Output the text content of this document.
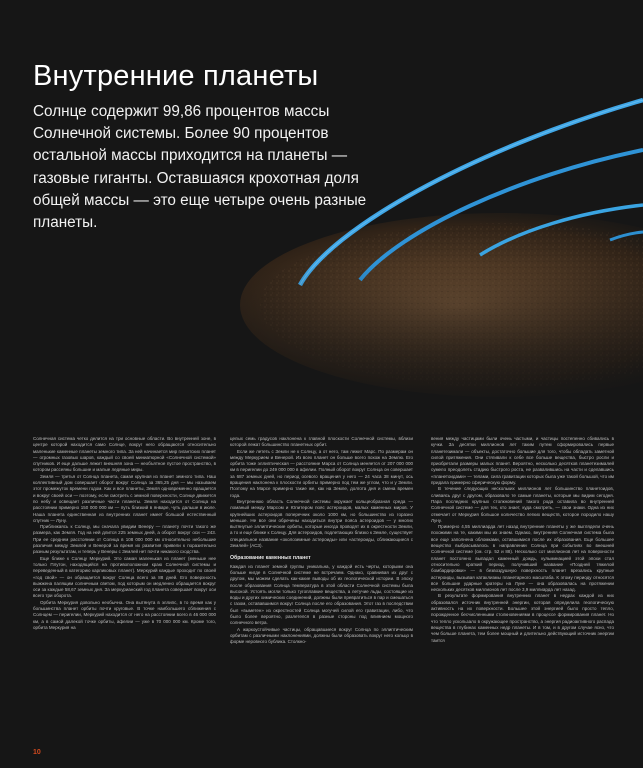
Внутренние планеты
Солнце содержит 99,86 процентов массы Солнечной системы. Более 90 процентов остальной массы приходится на планеты — газовые гиганты. Оставшаяся крохотная доля общей массы — это еще четыре очень разные планеты.

Солнечная система четко делится на три основные области. Во внутренней зоне, в центре которой находится само Солнце, вокруг него обращаются относительно маленькие каменные планеты земного типа. За ней начинается мир гигантских планет — огромных газовых шаров, каждый со своей миниатюрной «Солнечной системой» спутников. И еще дальше лежит внешняя зона — необъятное пустое пространство, в котором рассеяны большие и малые ледяные миры.

Земля — третья от Солнца планета, самая крупная из планет земного типа. Наш коллективный дом совершает оборот вокруг Солнца за 365,25 дня — мы называем этот промежуток времени годом. Как и все планеты, Земля одновременно вращается и вокруг своей оси — поэтому, если смотреть с земной поверхности, Солнце движется по небу и освещает различные части планеты. Земля находится от Солнца на расстоянии примерно 150 000 000 км — путь близкий в январе, чуть дальше в июле. Наша планета единственная из внутренних планет имеет большой естественный спутник — Луну.

Приближаясь к Солнцу, мы сначала увидим Венеру — планету почти такого же размера, как Земля. Год на ней длится 225 земных дней, а оборот вокруг оси — 243. При ее среднем расстоянии от Солнца в 108 000 000 км относительно небольшие различия между Землей и Венерой за время их развития привели к поразительно разным результатам, и теперь у Венеры с Землей нет почти никакого сходства.

Еще ближе к Солнцу Меркурий. Это самая маленькая из планет (меньше нее только Плутон, находящийся на противоположном краю Солнечной системы и переведенный в категорию карликовых планет). Меркурий каждые проходит по своей «год свой» — он обращается вокруг Солнца всего за 88 дней. Его поверхность выжжена палящим солнечным светом, под которым он медленно обращается вокруг оси за каждые 58,67 земных дня. За меркурианский год планета совершает вокруг оси всего три оборота.

Орбита Меркурия довольно необычна. Она вытянута в эллипс, в то время как у большинства планет орбиты почти круговые. В точке наибольшего сближения с Солнцем — перигелии, Меркурий находится от него на расстоянии всего в 46 000 000 км, а в самой далекой точке орбиты, афелии — уже в 70 000 000 км. Кроме того, орбита Меркурия на

целых семь градусов наклонена к главной плоскости Солнечной системы, вблизи которой лежат большинство планетных орбит.

Если же лететь с Земли не к Солнцу, а от него, там лежит Марс. По размерам он между Меркурием и Венерой. Из всех планет он больше всего похож на Землю. Его орбита тоже эллиптическая — расстояние Марса от Солнца меняется от 207 000 000 км в перигелии до 249 000 000 в афелии. Полный оборот вокруг Солнца он совершает за 687 земных дней, но период осевого вращения у него — 24 часа 38 минут, ось вращения наклонена к плоскости орбиты примерно под тем же углом, что и у Земли. Поэтому на Марсе примерно такие же, как на Земле, долгота дня и смена времен года.

Внутреннюю область Солнечной системы окружает кольцеобразная среда — ломаный между Марсом и Юпитером пояс астероидов, малых каменных миров. У крупнейших астероидов поперечник около 1000 км, но большинство из горазно меньше. Не все они обречены находиться внутри пояса астероидов — у многих вытянутые эллиптические орбиты, которые иногда проводят их в окрестности Земли, а то и еще ближе к Солнцу. Для астероидов, подлетающих близко к Земле, существует специальное название «околоземные астероиды» или «астероиды, сближающиеся с Землей» (АСЗ).

Образование каменных планет

Каждая из планет земной группы уникальна, у каждой есть черты, которыми она больше нигде в Солнечной системе не встречаем. Однако, сравнивая их друг с другом, мы можем сделать как-какие выводы об их геологической истории. В эпоху после образования Солнца температура в этой области Солнечной системы была высокой. Устоять могли только тугоплавкие вещества, а летучие льды, состоящие из воды и других химических соединений, должны были превратиться в пар и смешаться с газом, остававшимся вокруг Солнца после его образования. Этот газ в последствии был «выметен» из окрестностей Солнца могучей силой его гравитации, либо, что было более вероятно, разлетелся в разные стороны под влиянием мощного солнечного ветра.

А жаркоустойчивые частицы, обращавшиеся вокруг Солнца по эллиптическим орбитам с различными наклонениями, должны были образовать вокруг него кольцо в форме неровного бублика. Столкно-

вения между частицами были очень частыми, и частицы постепенно сбивались в кучки. За десятки миллионов лет таким путем сформировались первые планетезимали — объекты, достаточно большие для того, чтобы обладать заметной силой притяжения. Они стягивали к себе все больше вещества, быстро росли и приобретали размеры малых планет. Вероятно, несколько десятков планетезималей сумело преодолеть стадию быстрого роста, не развалившись на части и сделавшись «планетоидами» — телами, сила гравитации которых была уже такой большой, что им придала примерно сферическую форму.

В течение следующих нескольких миллионов лет большинство планетоидов, сливаясь друг с другом, образовало те самые планеты, которые мы видим сегодня. Пара последних крупных столкновений такого рода оставила во внутренней Солнечной системе — для тех, кто знает, куда смотреть, — свои знаки. Одна из них отмечает от Меркурия большое количество легких веществ, которое породило нашу Луну.

Примерно 4,55 миллиарда лет назад внутренние планеты у же выглядели очень похожими на те, какими мы их знаем. Однако, внутренняя Солнечная система была все еще заполнена обломками, оставшимися после их образования. Еще большее вещество выбрасывалось в направлении Солнца при событиях во внешней Солнечной системе (см. стр. 52 и 88). Несколько сот миллионов лет на поверхности планет постоянно выпадал каменный дождь, кульминацией этой эпохи стал относительно краткий период, получивший название «Поздней тяжелой бомбардировки» — в безвоздушную поверхность планет врезались крупные астероиды, вызывая катаклизмы планетарного масштаба. К этому периоду относятся все большие ударные кратеры на Луне — она образовалась на протяжении нескольких десятков миллионов лет после 3,9 миллиарда лет назад.

В результате формирования внутренних планет в недрах каждой из них образовался источник внутренней энергии, которая определила геологическую активность на их поверхности. Большее этой энергией было просто тепло, порожденное бесчисленными столкновениями в процессе формирования планет. Но что тепло ускользало в окружающее пространство, а энергия радиоактивного распада вещества в глубинах каменных недр планеты. И в том, и в другом случае ясно, что чем больше планета, тем более мощный и длительно действующий источник энергии таится

10
